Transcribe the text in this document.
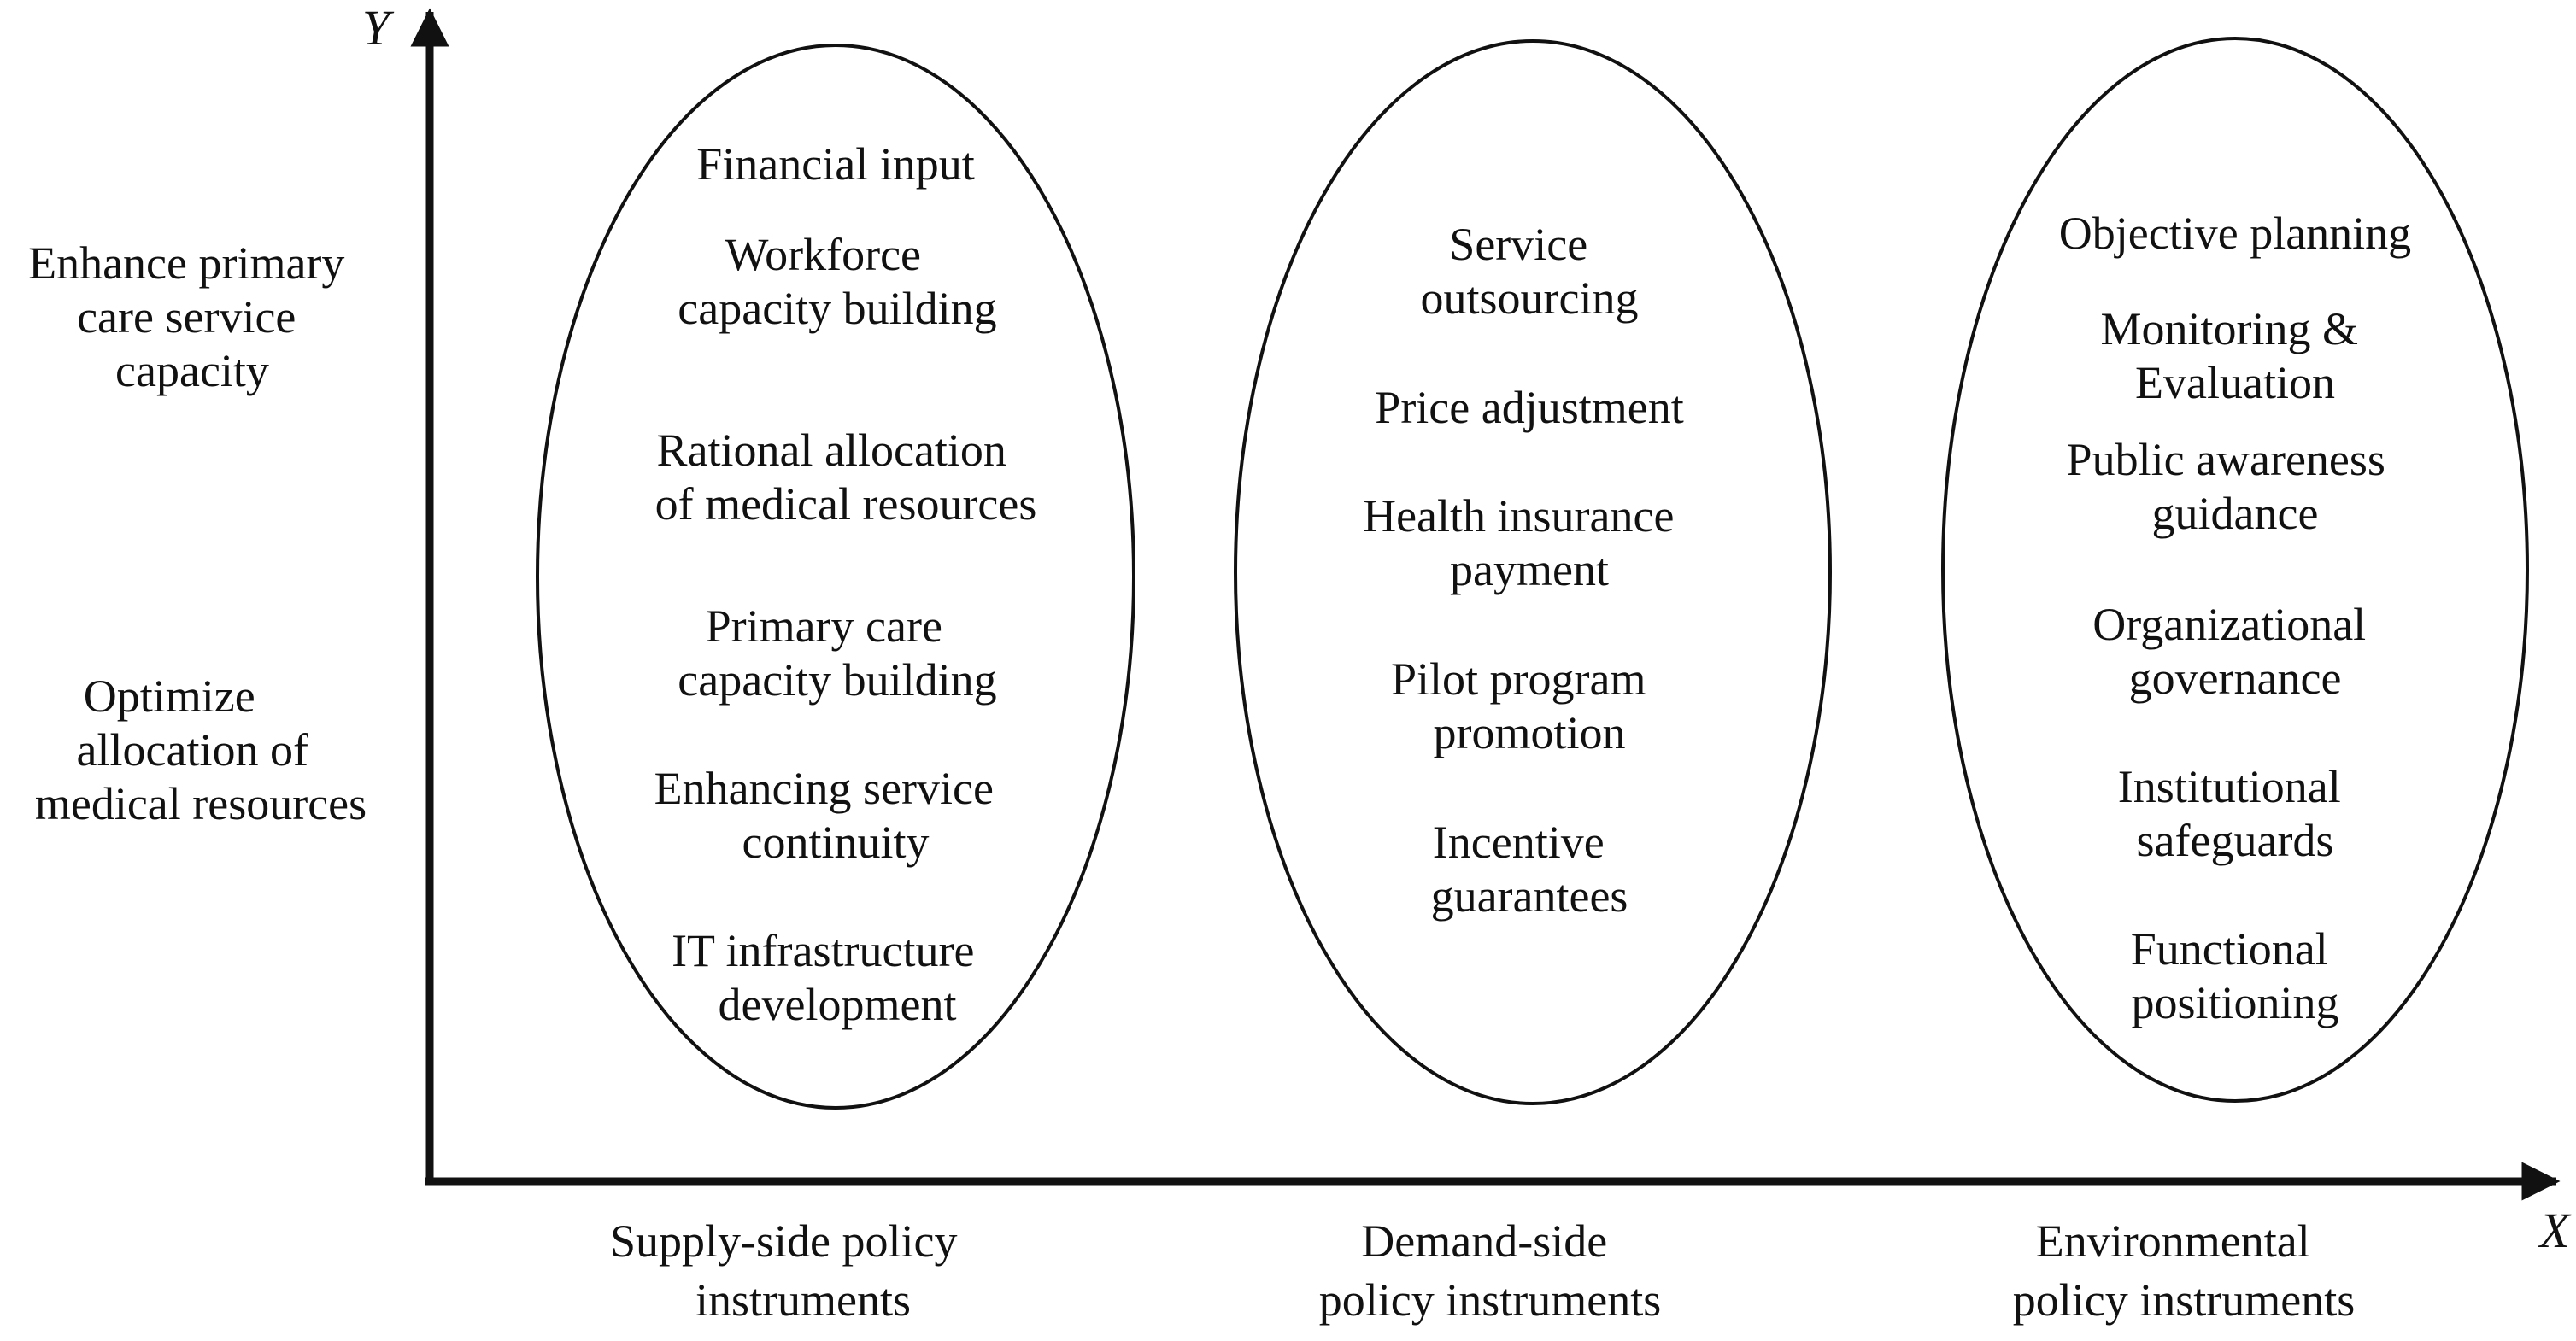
Y
X
Enhance primary care service capacity
Optimize allocation of medical resources
Financial input
Workforce capacity building
Rational allocation of medical resources
Primary care capacity building
Enhancing service continuity
IT infrastructure development
Service outsourcing
Price adjustment
Health insurance payment
Pilot program promotion
Incentive guarantees
Objective planning
Monitoring & Evaluation
Public awareness guidance
Organizational governance
Institutional safeguards
Functional positioning
Supply-side policy instruments
Demand-side policy instruments
Environmental policy instruments
